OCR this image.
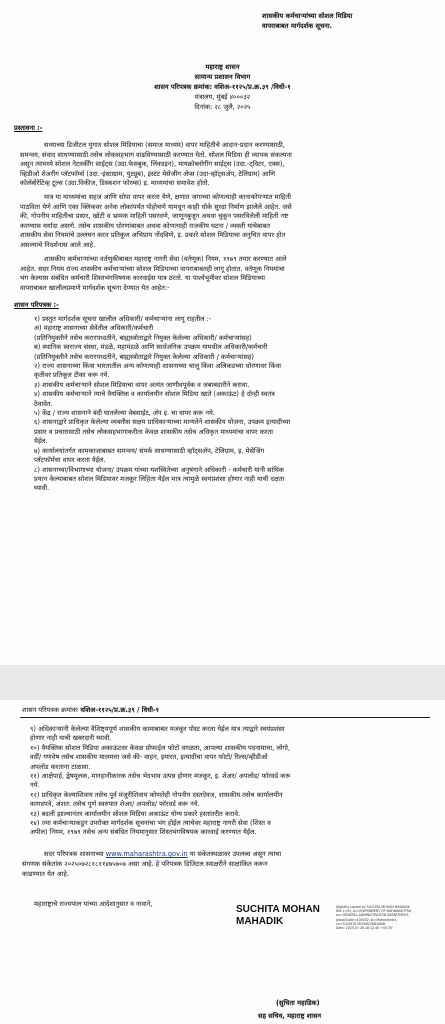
शासकीय कर्मचाऱ्यांच्या सोशल मिडिया
वापराबाबत मार्गदर्शक सूचना.
महाराष्ट्र शासन
सामान्य प्रशासन विभाग
शासन परिपत्रक क्रमांक: वशिअ-११२५/प्र.क्र.३९ /विधी-१
मंत्रालय, मुंबई ४०००३२
दिनांक: २८ जुलै, २०२५
प्रस्तावना :-
सध्याच्या डिजीटल युगात सोशल मिडियाचा (समाज माध्यम) वापर माहितीचे आदान-प्रदान करण्यासाठी,
समन्वय, संवाद साधण्यासाठी तसेच लोकसहभाग वाढविण्यासाठी करण्यात येतो. सोशल मिडिया ही व्यापक संकल्पना
असून त्यामध्ये सोशल नेटवर्कींग साईट्स (उदा.फेसबुक, लिंक्डइन), मायक्रोब्लॉगींग साईट्स (उदा.-ट्विटर, एक्स),
व्हिडीओ शेअरींग प्लॅटफॉर्म्स (उदा.-इंस्टाग्राम, युट्यूब), इंस्टंट मेसेजींग ॲप्स (उदा-व्हॉट्सॲप, टेलिग्राम) आणि
कोलॅबोरेटिव्ह टूल्स (उदा.विकीज, डिस्कशन फोरम्स) इ. माध्यमांचा समावेश होतो.
मात्र या माध्यमांचा सहज आणि सोपा वापर करता येणे, क्षणात जगाच्या कोणत्याही कानाकोपऱ्यात माहिती
पाठविता येणे आणि एका क्लिकवर अनेक लोकांपर्यंत पोहोचणे यामधून काही धोके सुध्दा निर्माण झालेले आहेत. जसे
की, गोपनीय माहितीचा प्रसार, खोटी व भ्रामक माहिती पसरवणे, जाणूनबुजून अथवा चुकून पसरविलेली माहिती नष्ट
करण्यास मर्यादा असणे. तसेच शासकीय धोरणांबाबत अथवा कोणत्याही राजकीय घटना / व्यक्ती यांचेबाबत
शासकीय सेवा नियमांचे उल्लंघन करत प्रतिकूल अभिप्राय नोंदविणे, इ. प्रकारे सोशल मिडियाचा अनुचित वापर होत
असल्याचे निदर्शनास आले आहे.
शासकीय कर्मचाऱ्यांच्या वर्तणुकीबाबत महाराष्ट्र नागरी सेवा (वर्तणूक) नियम, १९७९ तयार करण्यात आले
आहेत. सदर नियम राज्य शासकीय कर्मचाऱ्यांच्या सोशल मिडियाच्या वापराबाबतही लागू होतात. वर्तणूक नियमांचा
भंग केल्यास संबंधित कर्मचारी शिस्तभंगविषयक कारवाईस पात्र ठरतो. या पार्श्वभूमीवर सोशल मिडियाच्या
वापराबाबत खालीलप्रमाणे मार्गदर्शक सूचना देण्यात येत आहेत:-
शासन परिपत्रक :-
१) प्रस्तुत मार्गदर्शक सूचना खालील अधिकारी/ कर्मचाऱ्यांना लागू राहतील :-
अ) महाराष्ट्र शासनाच्या सेवेतील अधिकारी/कर्मचारी
(प्रतिनियुक्तीने तसेच करारपध्दतीने, बाह्यस्त्रोताद्वारे नियुक्त केलेल्या अधिकारी/ कर्मचाऱ्यांसह)
ब) स्थानिक स्वराज्य संस्था, मंडळे, महामंडळे आणि सार्वजनिक उपक्रम यामधील अधिकारी/कर्मचारी
(प्रतिनियुक्तीने तसेच करारपध्दतीने, बाह्यस्त्रोताद्वारे नियुक्त केलेल्या अधिकारी / कर्मचाऱ्यांसह)
२) राज्य शासनाच्या किंवा भारतातील अन्य कोणत्याही शासनाच्या चालू किंवा अलिकडच्या धोरणावर किंवा
कृतीवर प्रतिकूल टीका करू नये.
३) शासकीय कर्मचाऱ्याने सोशल मिडियाचा वापर अत्यंत जाणीवपूर्वक व जबाबदारीने करावा.
४) शासकीय कर्मचाऱ्याने त्याचे वैयक्तिक व कार्यालयीन सोशल मिडिया खाते (अकाऊंट) हे दोन्ही स्वतंत्र
ठेवावेत.
५) केंद्र / राज्य शासनाने बंदी घातलेल्या वेबसाईट, ॲप इ. चा वापर करू नये.
६) शासनाद्वारे प्राधिकृत केलेल्या व्यक्तीस सक्षम प्राधिकाऱ्याच्या मान्यतेने शासकीय योजना, उपक्रम इत्यादीच्या
प्रसार व प्रचारासाठी तसेच लोकसहभागाकरीता केवळ शासकीय तसेच अधिकृत माध्यमांचा वापर करता
येईल.
७) कार्यालयांतर्गत कामकाजाबाबत समन्वय/ संपर्क साधण्यासाठी व्हॉट्सॲप, टेलिग्राम, इ. मेसेजिंग
प्लॅटफॉर्मचा वापर करता येईल.
८) शासनाच्या/विभागाच्या योजना/ उपक्रम यांच्या यशस्वितेच्या अनुषंगाने अधिकारी - कर्मचारी यांनी सांघिक
प्रयत्न केल्याबाबत सोशल मिडियावर मजकूर लिहिता येईल मात्र त्यामुळे स्वयंप्रशंसा होणार नाही याची दक्षता
घ्यावी.
शासन परिपत्रक क्रमांकः वशिअ-११२५/प्र.क्र.३९ / विधी-१
९) अधिकाऱ्यांनी केलेल्या वैशिष्ट्यपूर्ण शासकीय कामाबाबत मजकूर पोस्ट करता येईल मात्र त्याद्वारे स्वयंप्रशंसा
होणार नाही याची खबरदारी घ्यावी.
१०) वैयक्तिक सोशल मिडिया अकाऊंटवर केवळ प्रोफाईल फोटो वगळता, आपल्या शासकीय पदनामाचा, लोगो,
वर्दी/ गणवेष तसेच शासकीय मालमत्ता जसे की- वाहन, इमारत, इत्यादीचा वापर फोटो/ रिल्स/व्हीडीओ
अपलोड करताना टाळावा.
११) आक्षेपार्ह, द्वेषमूलक, मानहानीकारक तसेच भेदभाव उत्पन्न होणार मजकूर, इ. शेअर/ अपलोड/ फॉरवर्ड करू
नये.
१२) प्राधिकृत केल्याशिवाय तसेच पूर्व मंजुरीशिवाय कोणतेही गोपनीय दस्तऐवज, शासकीय तसेच कार्यालयीन
कागदपत्रे, अंशत: तसेच पूर्ण स्वरुपात शेअर/ अपलोड/ फॉरवर्ड करू नये.
१३) बदली झाल्यानंतर कार्यालयीन सोशल मिडिया अकाऊंट योग्य प्रकारे हस्तांतरीत करावे.
१४) ज्या कर्मचाऱ्याकडून उपरोक्त मार्गदर्शक सूचनांचा भंग होईल त्याचेवर महाराष्ट्र नागरी सेवा (शिस्त व
अपील) नियम, १९७९ तसेच अन्य संबंधित नियमानुसार शिस्तभंगविषयक कारवाई करण्यात येईल.
सदर परिपत्रक शासनाच्या www.maharashtra.gov.in या संकेतस्थळावर उपलब्ध असून त्याचा
संगणक संकेतांक २०२५०७२८१८११४७५७०७ असा आहे. हे परिपत्रक डिजिटल स्वाक्षरीने साक्षांकित करून
काढण्यात येत आहे.
महाराष्ट्राचे राज्यपाल यांच्या आदेशानुसार व नावाने,	SUCHITA MOHAN
MAHADIK
Digitally signed by SUCHITA MOHAN MAHADIK
DN: c=IN, o=GOVERNMENT OF MAHARASHTRA,
ou=GENERAL ADMINISTRATION DEPARTMENT,
postalCode=400032, st=Maharashtra,
cn=SUCHITA MOHAN MAHADIK
Date: 2025.07.28 18:12:40 +05'30'
(सुचिता महाडिक)
सह सचिव, महाराष्ट्र शासन
